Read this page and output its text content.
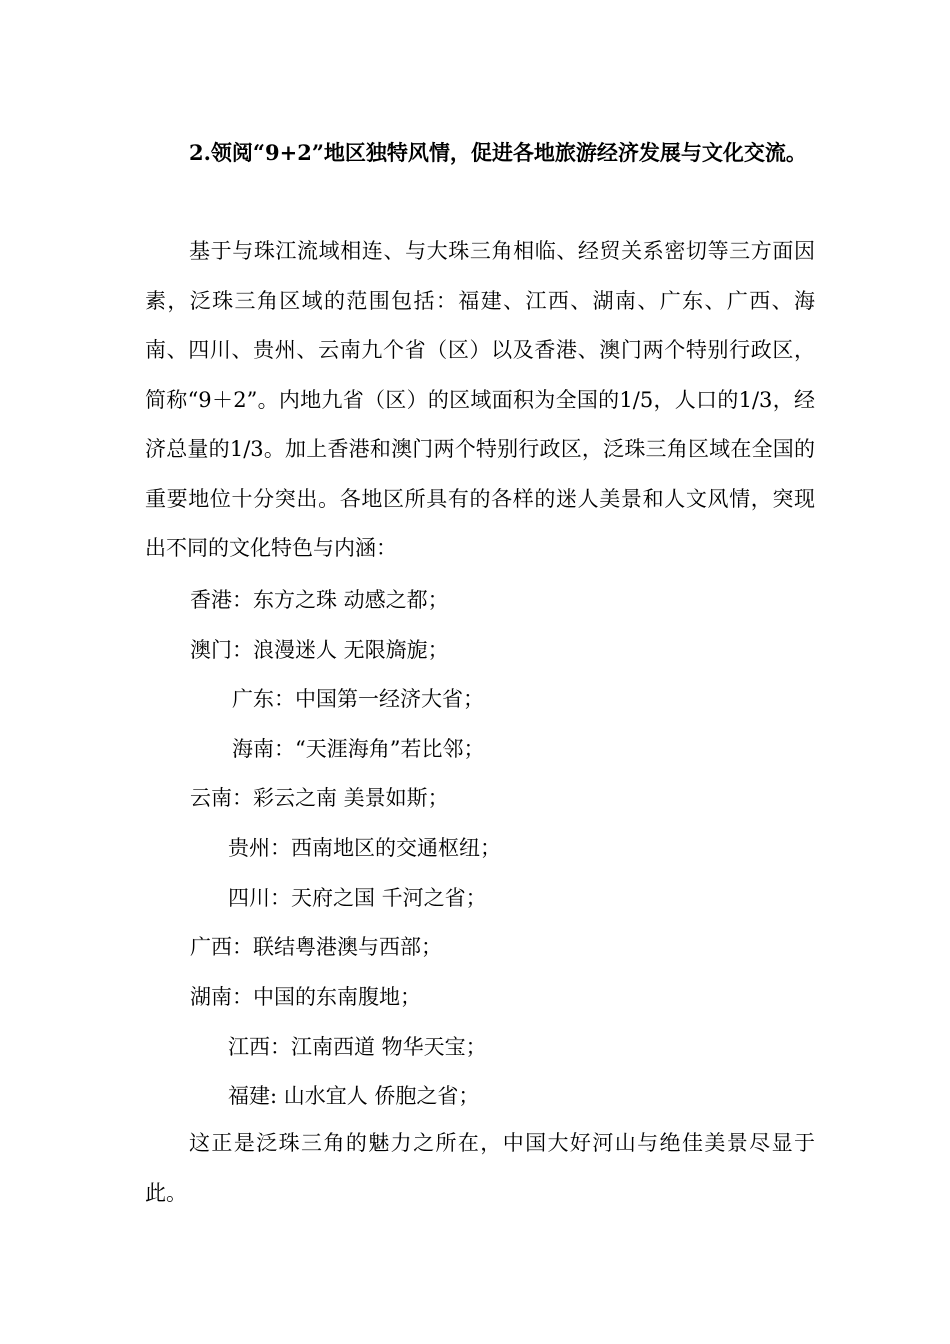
2.领阅“9+2”地区独特风情，促进各地旅游经济发展与文化交流。
基于与珠江流域相连、与大珠三角相临、经贸关系密切等三方面因素，泛珠三角区域的范围包括：福建、江西、湖南、广东、广西、海南、四川、贵州、云南九个省（区）以及香港、澳门两个特别行政区，简称“9＋2”。内地九省（区）的区域面积为全国的1/5，人口的1/3，经济总量的1/3。加上香港和澳门两个特别行政区，泛珠三角区域在全国的重要地位十分突出。各地区所具有的各样的迷人美景和人文风情，突现出不同的文化特色与内涵：
香港：东方之珠 动感之都；
澳门：浪漫迷人 无限旖旎；
广东：中国第一经济大省；
海南：“天涯海角”若比邻；
云南：彩云之南 美景如斯；
贵州：西南地区的交通枢纽；
四川：天府之国 千河之省；
广西：联结粤港澳与西部；
湖南：中国的东南腹地；
江西：江南西道 物华天宝；
福建: 山水宜人 侨胞之省；
这正是泛珠三角的魅力之所在，中国大好河山与绝佳美景尽显于此。
